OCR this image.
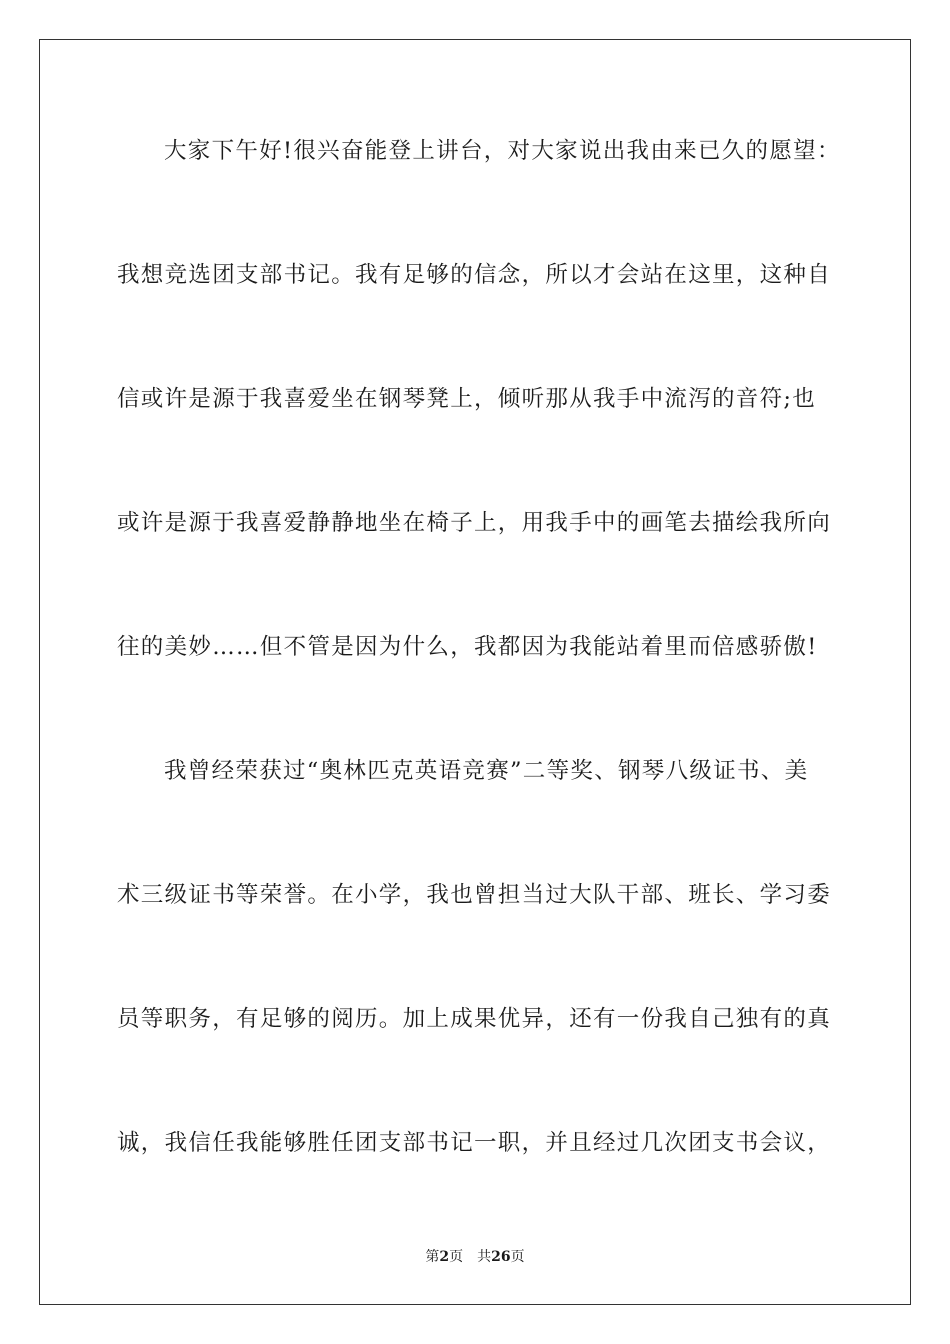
大家下午好!很兴奋能登上讲台，对大家说出我由来已久的愿望：
我想竞选团支部书记。我有足够的信念，所以才会站在这里，这种自
信或许是源于我喜爱坐在钢琴凳上，倾听那从我手中流泻的音符;也
或许是源于我喜爱静静地坐在椅子上，用我手中的画笔去描绘我所向
往的美妙……但不管是因为什么，我都因为我能站着里而倍感骄傲!
我曾经荣获过“奥林匹克英语竞赛”二等奖、钢琴八级证书、美
术三级证书等荣誉。在小学，我也曾担当过大队干部、班长、学习委
员等职务，有足够的阅历。加上成果优异，还有一份我自己独有的真
诚，我信任我能够胜任团支部书记一职，并且经过几次团支书会议，
第2页 共26页
